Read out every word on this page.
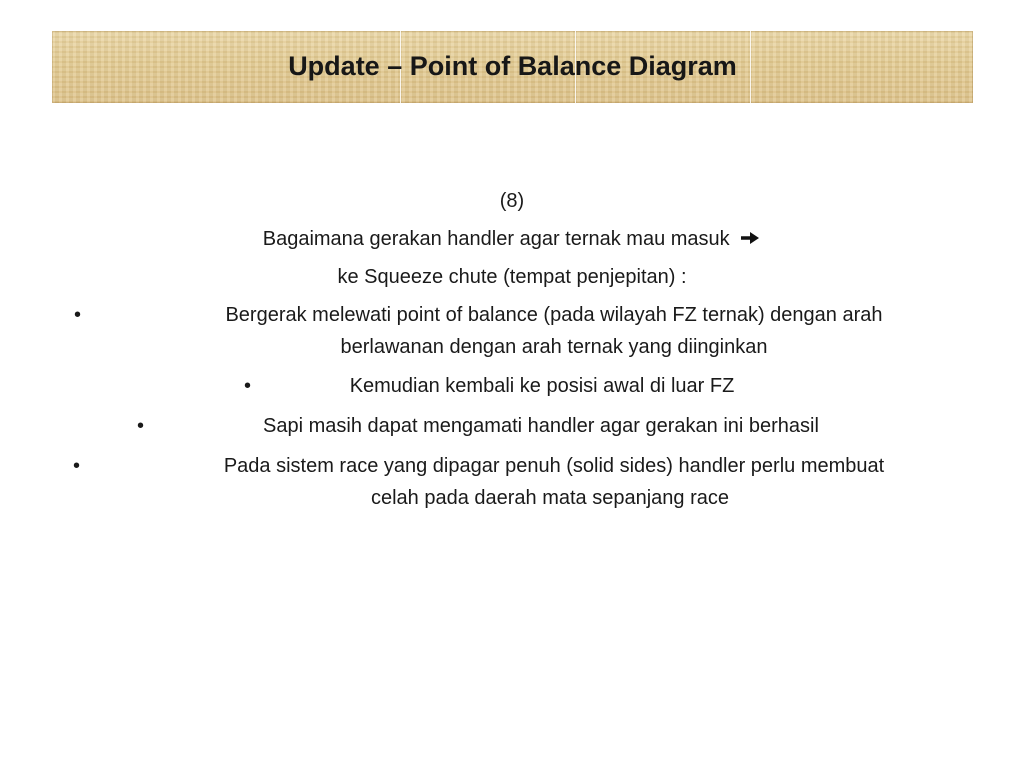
Update – Point of Balance Diagram
(8)
Bagaimana gerakan handler agar ternak mau masuk
ke Squeeze chute (tempat penjepitan) :
•	Bergerak melewati point of balance (pada wilayah FZ ternak) dengan arah
berlawanan dengan arah ternak yang diinginkan
•	Kemudian kembali ke posisi awal di luar FZ
•	Sapi masih dapat mengamati handler agar gerakan ini berhasil
•	Pada sistem race yang dipagar penuh (solid sides) handler perlu membuat
celah pada daerah mata sepanjang race
